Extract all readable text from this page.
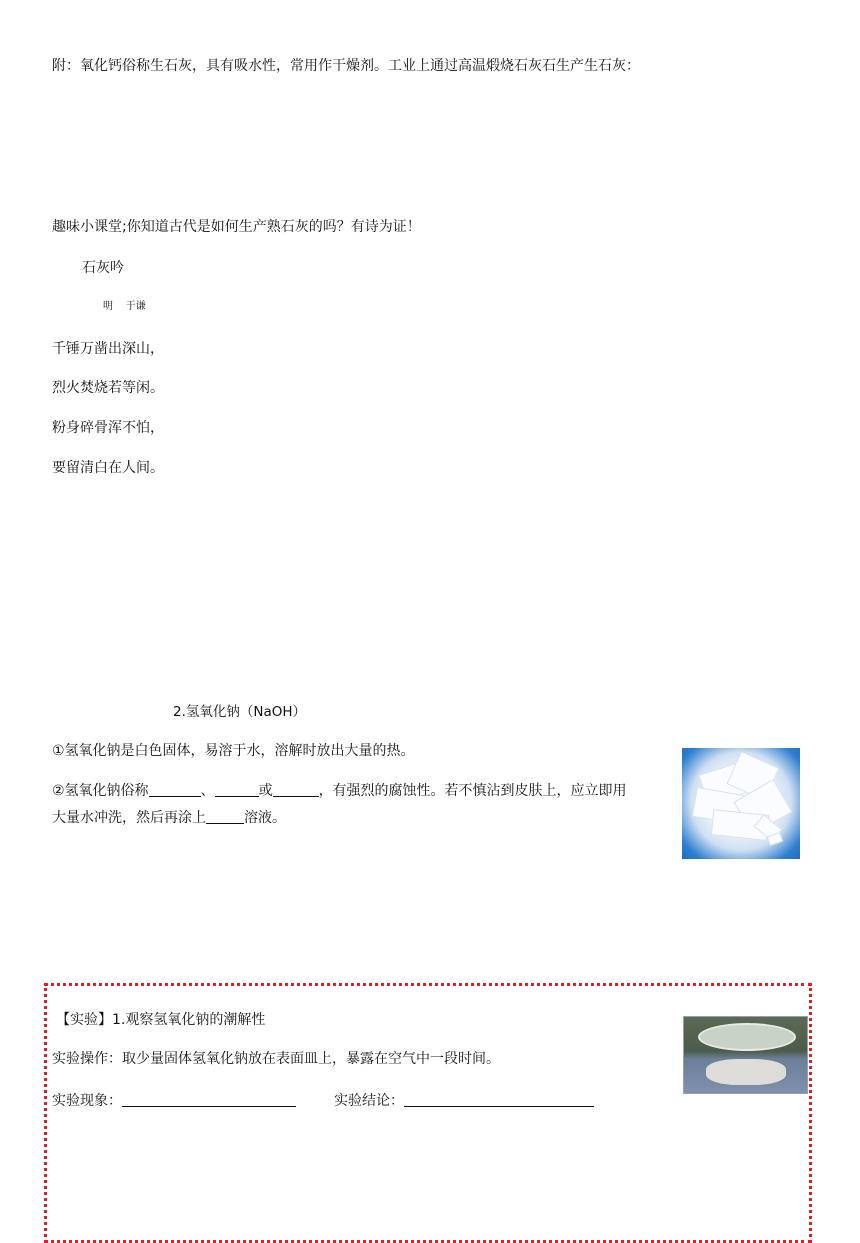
附：氧化钙俗称生石灰，具有吸水性，常用作干燥剂。工业上通过高温煅烧石灰石生产生石灰：
趣味小课堂;你知道古代是如何生产熟石灰的吗？有诗为证！
石灰吟
明    于谦
千锤万凿出深山，
烈火焚烧若等闲。
粉身碎骨浑不怕，
要留清白在人间。
2.氢氧化钠（NaOH）
①氢氧化钠是白色固体，易溶于水，溶解时放出大量的热。
②氢氧化钠俗称	、	或	，有强烈的腐蚀性。若不慎沾到皮肤上，应立即用
大量水冲洗，然后再涂上	溶液。
【实验】1.观察氢氧化钠的潮解性
实验操作：取少量固体氢氧化钠放在表面皿上，暴露在空气中一段时间。
实验现象：	实验结论：
